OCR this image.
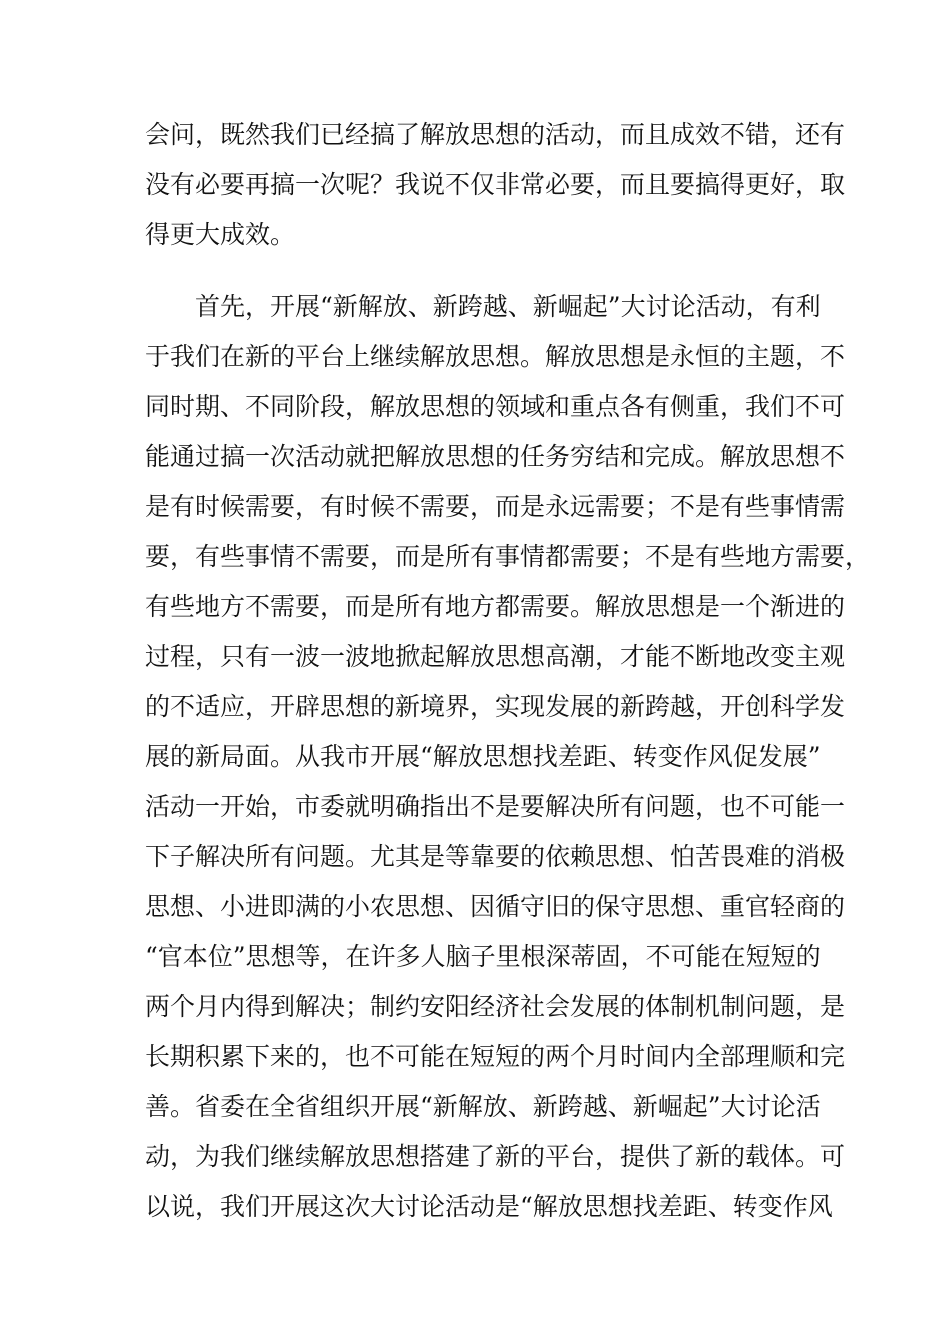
会问，既然我们已经搞了解放思想的活动，而且成效不错，还有
没有必要再搞一次呢？我说不仅非常必要，而且要搞得更好，取
得更大成效。
首先，开展“新解放、新跨越、新崛起”大讨论活动，有利
于我们在新的平台上继续解放思想。解放思想是永恒的主题，不
同时期、不同阶段，解放思想的领域和重点各有侧重，我们不可
能通过搞一次活动就把解放思想的任务穷结和完成。解放思想不
是有时候需要，有时候不需要，而是永远需要；不是有些事情需
要，有些事情不需要，而是所有事情都需要；不是有些地方需要，
有些地方不需要，而是所有地方都需要。解放思想是一个渐进的
过程，只有一波一波地掀起解放思想高潮，才能不断地改变主观
的不适应，开辟思想的新境界，实现发展的新跨越，开创科学发
展的新局面。从我市开展“解放思想找差距、转变作风促发展”
活动一开始，市委就明确指出不是要解决所有问题，也不可能一
下子解决所有问题。尤其是等靠要的依赖思想、怕苦畏难的消极
思想、小进即满的小农思想、因循守旧的保守思想、重官轻商的
“官本位”思想等，在许多人脑子里根深蒂固，不可能在短短的
两个月内得到解决；制约安阳经济社会发展的体制机制问题，是
长期积累下来的，也不可能在短短的两个月时间内全部理顺和完
善。省委在全省组织开展“新解放、新跨越、新崛起”大讨论活
动，为我们继续解放思想搭建了新的平台，提供了新的载体。可
以说，我们开展这次大讨论活动是“解放思想找差距、转变作风
